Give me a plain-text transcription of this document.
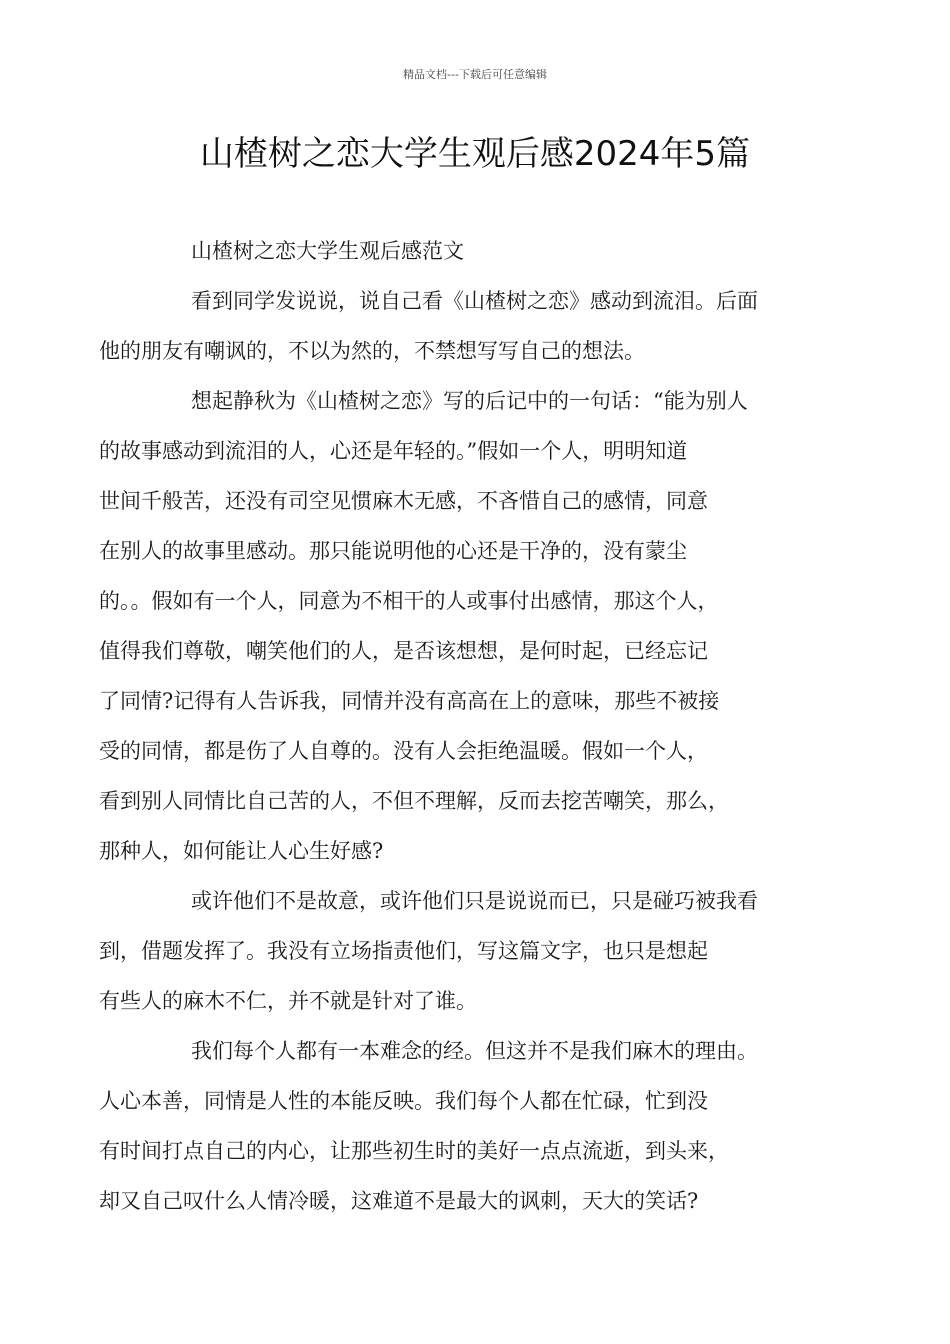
精品文档---下载后可任意编辑
山楂树之恋大学生观后感2024年5篇

山楂树之恋大学生观后感范文

看到同学发说说，说自己看《山楂树之恋》感动到流泪。后面
他的朋友有嘲讽的，不以为然的，不禁想写写自己的想法。

想起静秋为《山楂树之恋》写的后记中的一句话：“能为别人
的故事感动到流泪的人，心还是年轻的。”假如一个人，明明知道
世间千般苦，还没有司空见惯麻木无感，不吝惜自己的感情，同意
在别人的故事里感动。那只能说明他的心还是干净的，没有蒙尘
的。。假如有一个人，同意为不相干的人或事付出感情，那这个人，
值得我们尊敬，嘲笑他们的人，是否该想想，是何时起，已经忘记
了同情?记得有人告诉我，同情并没有高高在上的意味，那些不被接
受的同情，都是伤了人自尊的。没有人会拒绝温暖。假如一个人，
看到别人同情比自己苦的人，不但不理解，反而去挖苦嘲笑，那么，
那种人，如何能让人心生好感?

或许他们不是故意，或许他们只是说说而已，只是碰巧被我看
到，借题发挥了。我没有立场指责他们，写这篇文字，也只是想起
有些人的麻木不仁，并不就是针对了谁。

我们每个人都有一本难念的经。但这并不是我们麻木的理由。
人心本善，同情是人性的本能反映。我们每个人都在忙碌，忙到没
有时间打点自己的内心，让那些初生时的美好一点点流逝，到头来，
却又自己叹什么人情冷暖，这难道不是最大的讽刺，天大的笑话?
